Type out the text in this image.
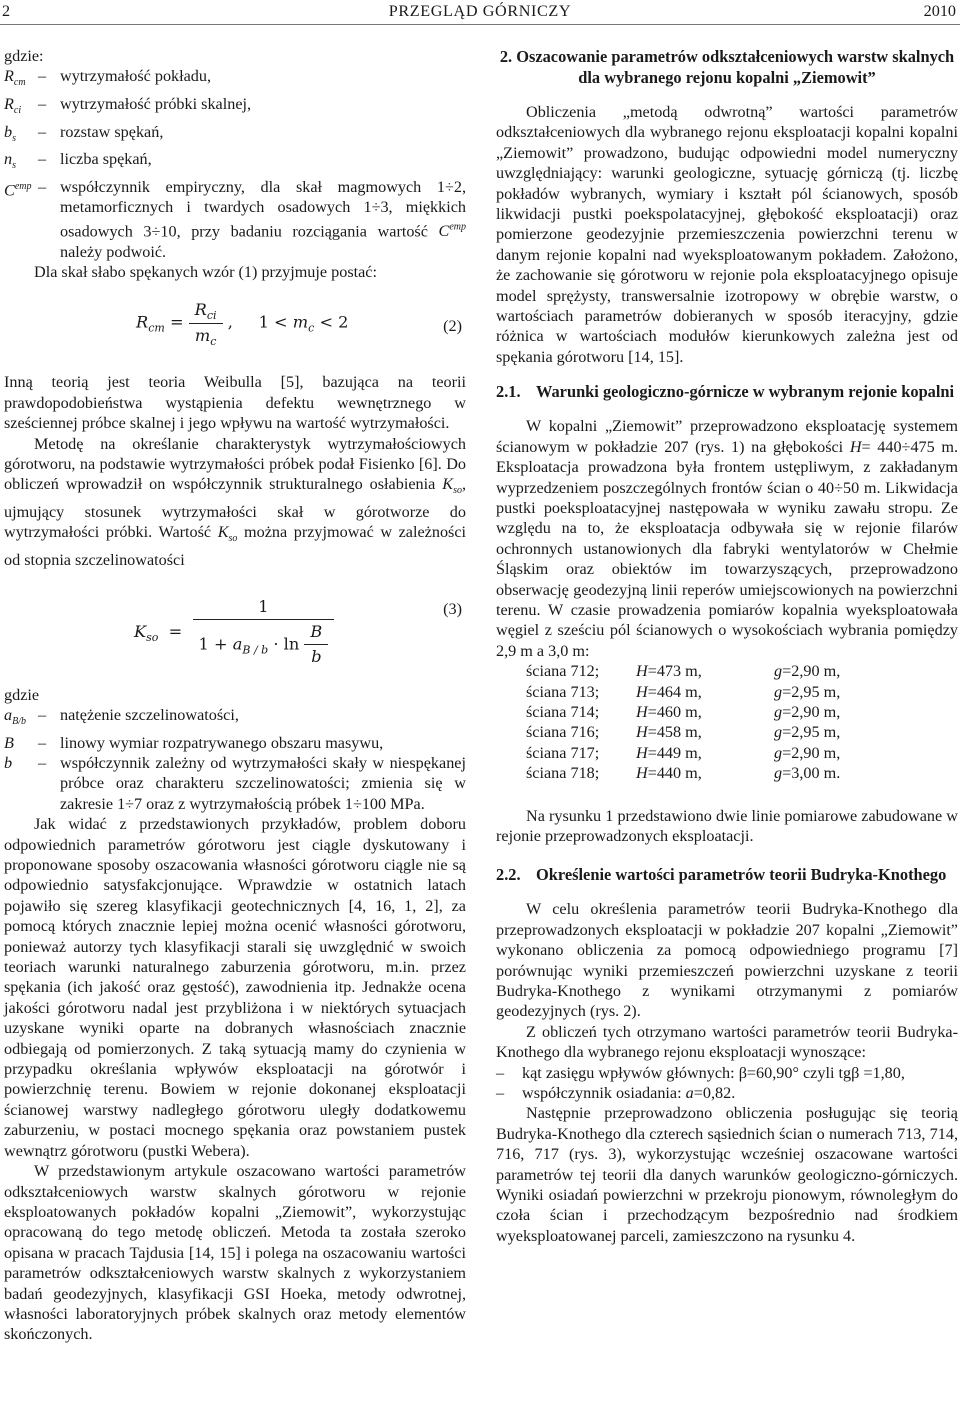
2	PRZEGLĄD GÓRNICZY	2010

gdzie:

$R_{cm}$	–	wytrzymałość pokładu,
$R_{ci}$	–	wytrzymałość próbki skalnej,
$b_s$	–	rozstaw spękań,
$n_s$	–	liczba spękań,
$C^{emp}$	–	współczynnik empiryczny, dla skał magmowych 1÷2, metamorficznych i twardych osadowych 1÷3, miękkich osadowych 3÷10, przy badaniu rozciągania wartość $C^{emp}$ należy podwoić.

Dla skał słabo spękanych wzór (1) przyjmuje postać:

$R_{cm} = \frac{R_{ci}}{m_c}$ ,     $1 < m_c < 2$	(2)

Inną teorią jest teoria Weibulla [5], bazująca na teorii prawdopodobieństwa wystąpienia defektu wewnętrznego w sześciennej próbce skalnej i jego wpływu na wartość wytrzymałości.

Metodę na określanie charakterystyk wytrzymałościowych górotworu, na podstawie wytrzymałości próbek podał Fisienko [6]. Do obliczeń wprowadził on współczynnik strukturalnego osłabienia $K_{so}$, ujmujący stosunek wytrzymałości skał w górotworze do wytrzymałości próbki. Wartość $K_{so}$ można przyjmować w zależności od stopnia szczelinowatości

$K_{so}$  =
1
$1 + a_{B / b} \cdot \ln \frac{B}{b}$
(3)

gdzie

$a_{B/b}$	–	natężenie szczelinowatości,
B	–	linowy wymiar rozpatrywanego obszaru masywu,
b	–	współczynnik zależny od wytrzymałości skały w niespękanej próbce oraz charakteru szczelinowatości; zmienia się w zakresie 1÷7 oraz z wytrzymałością próbek 1÷100 MPa.

Jak widać z przedstawionych przykładów, problem doboru odpowiednich parametrów górotworu jest ciągle dyskutowany i proponowane sposoby oszacowania własności górotworu ciągle nie są odpowiednio satysfakcjonujące. Wprawdzie w ostatnich latach pojawiło się szereg klasyfikacji geotechnicznych [4, 16, 1, 2], za pomocą których znacznie lepiej można ocenić własności górotworu, ponieważ autorzy tych klasyfikacji starali się uwzględnić w swoich teoriach warunki naturalnego zaburzenia górotworu, m.in. przez spękania (ich jakość oraz gęstość), zawodnienia itp. Jednakże ocena jakości górotworu nadal jest przybliżona i w niektórych sytuacjach uzyskane wyniki oparte na dobranych własnościach znacznie odbiegają od pomierzonych. Z taką sytuacją mamy do czynienia w przypadku określania wpływów eksploatacji na górotwór i powierzchnię terenu. Bowiem w rejonie dokonanej eksploatacji ścianowej warstwy nadległego górotworu uległy dodatkowemu zaburzeniu, w postaci mocnego spękania oraz powstaniem pustek wewnątrz górotworu (pustki Webera).

W przedstawionym artykule oszacowano wartości parametrów odkształceniowych warstw skalnych górotworu w rejonie eksploatowanych pokładów kopalni „Ziemowit”, wykorzystując opracowaną do tego metodę obliczeń. Metoda ta została szeroko opisana w pracach Tajdusia [14, 15] i polega na oszacowaniu wartości parametrów odkształceniowych warstw skalnych z wykorzystaniem badań geodezyjnych, klasyfikacji GSI Hoeka, metody odwrotnej, własności laboratoryjnych próbek skalnych oraz metody elementów skończonych.

2. Oszacowanie parametrów odkształceniowych warstw skalnych dla wybranego rejonu kopalni „Ziemowit”

Obliczenia „metodą odwrotną” wartości parametrów odkształceniowych dla wybranego rejonu eksploatacji kopalni kopalni „Ziemowit” prowadzono, budując odpowiedni model numeryczny uwzględniający: warunki geologiczne, sytuację górniczą (tj. liczbę pokładów wybranych, wymiary i kształt pól ścianowych, sposób likwidacji pustki poekspolatacyjnej, głębokość eksploatacji) oraz pomierzone geodezyjnie przemieszczenia powierzchni terenu w danym rejonie kopalni nad wyeksploatowanym pokładem. Założono, że zachowanie się górotworu w rejonie pola eksploatacyjnego opisuje model sprężysty, transwersalnie izotropowy w obrębie warstw, o wartościach parametrów dobieranych w sposób iteracyjny, gdzie różnica w wartościach modułów kierunkowych zależna jest od spękania górotworu [14, 15].

2.1. Warunki geologiczno-górnicze w wybranym rejonie kopalni

W kopalni „Ziemowit” przeprowadzono eksploatację systemem ścianowym w pokładzie 207 (rys. 1) na głębokości H= 440÷475 m. Eksploatacja prowadzona była frontem ustępliwym, z zakładanym wyprzedzeniem poszczególnych frontów ścian o 40÷50 m. Likwidacja pustki poeksploatacyjnej następowała w wyniku zawału stropu. Ze względu na to, że eksploatacja odbywała się w rejonie filarów ochronnych ustanowionych dla fabryki wentylatorów w Chełmie Śląskim oraz obiektów im towarzyszących, przeprowadzono obserwację geodezyjną linii reperów umiejscowionych na powierzchni terenu. W czasie prowadzenia pomiarów kopalnia wyeksploatowała węgiel z sześciu pól ścianowych o wysokościach wybrania pomiędzy 2,9 m a 3,0 m:

ściana 712;	H=473 m,	g=2,90 m,
ściana 713;	H=464 m,	g=2,95 m,
ściana 714;	H=460 m,	g=2,90 m,
ściana 716;	H=458 m,	g=2,95 m,
ściana 717;	H=449 m,	g=2,90 m,
ściana 718;	H=440 m,	g=3,00 m.

Na rysunku 1 przedstawiono dwie linie pomiarowe zabudowane w rejonie przeprowadzonych eksploatacji.

2.2. Określenie wartości parametrów teorii Budryka-Knothego

W celu określenia parametrów teorii Budryka-Knothego dla przeprowadzonych eksploatacji w pokładzie 207 kopalni „Ziemowit” wykonano obliczenia za pomocą odpowiedniego programu [7] porównując wyniki przemieszczeń powierzchni uzyskane z teorii Budryka-Knothego z wynikami otrzymanymi z pomiarów geodezyjnych (rys. 2).

Z obliczeń tych otrzymano wartości parametrów teorii Budryka-Knothego dla wybranego rejonu eksploatacji wynoszące:

– kąt zasięgu wpływów głównych: β=60,90° czyli tgβ =1,80,
– współczynnik osiadania: a=0,82.

Następnie przeprowadzono obliczenia posługując się teorią Budryka-Knothego dla czterech sąsiednich ścian o numerach 713, 714, 716, 717 (rys. 3), wykorzystując wcześniej oszacowane wartości parametrów tej teorii dla danych warunków geologiczno-górniczych. Wyniki osiadań powierzchni w przekroju pionowym, równoległym do czoła ścian i przechodzącym bezpośrednio nad środkiem wyeksploatowanej parceli, zamieszczono na rysunku 4.
